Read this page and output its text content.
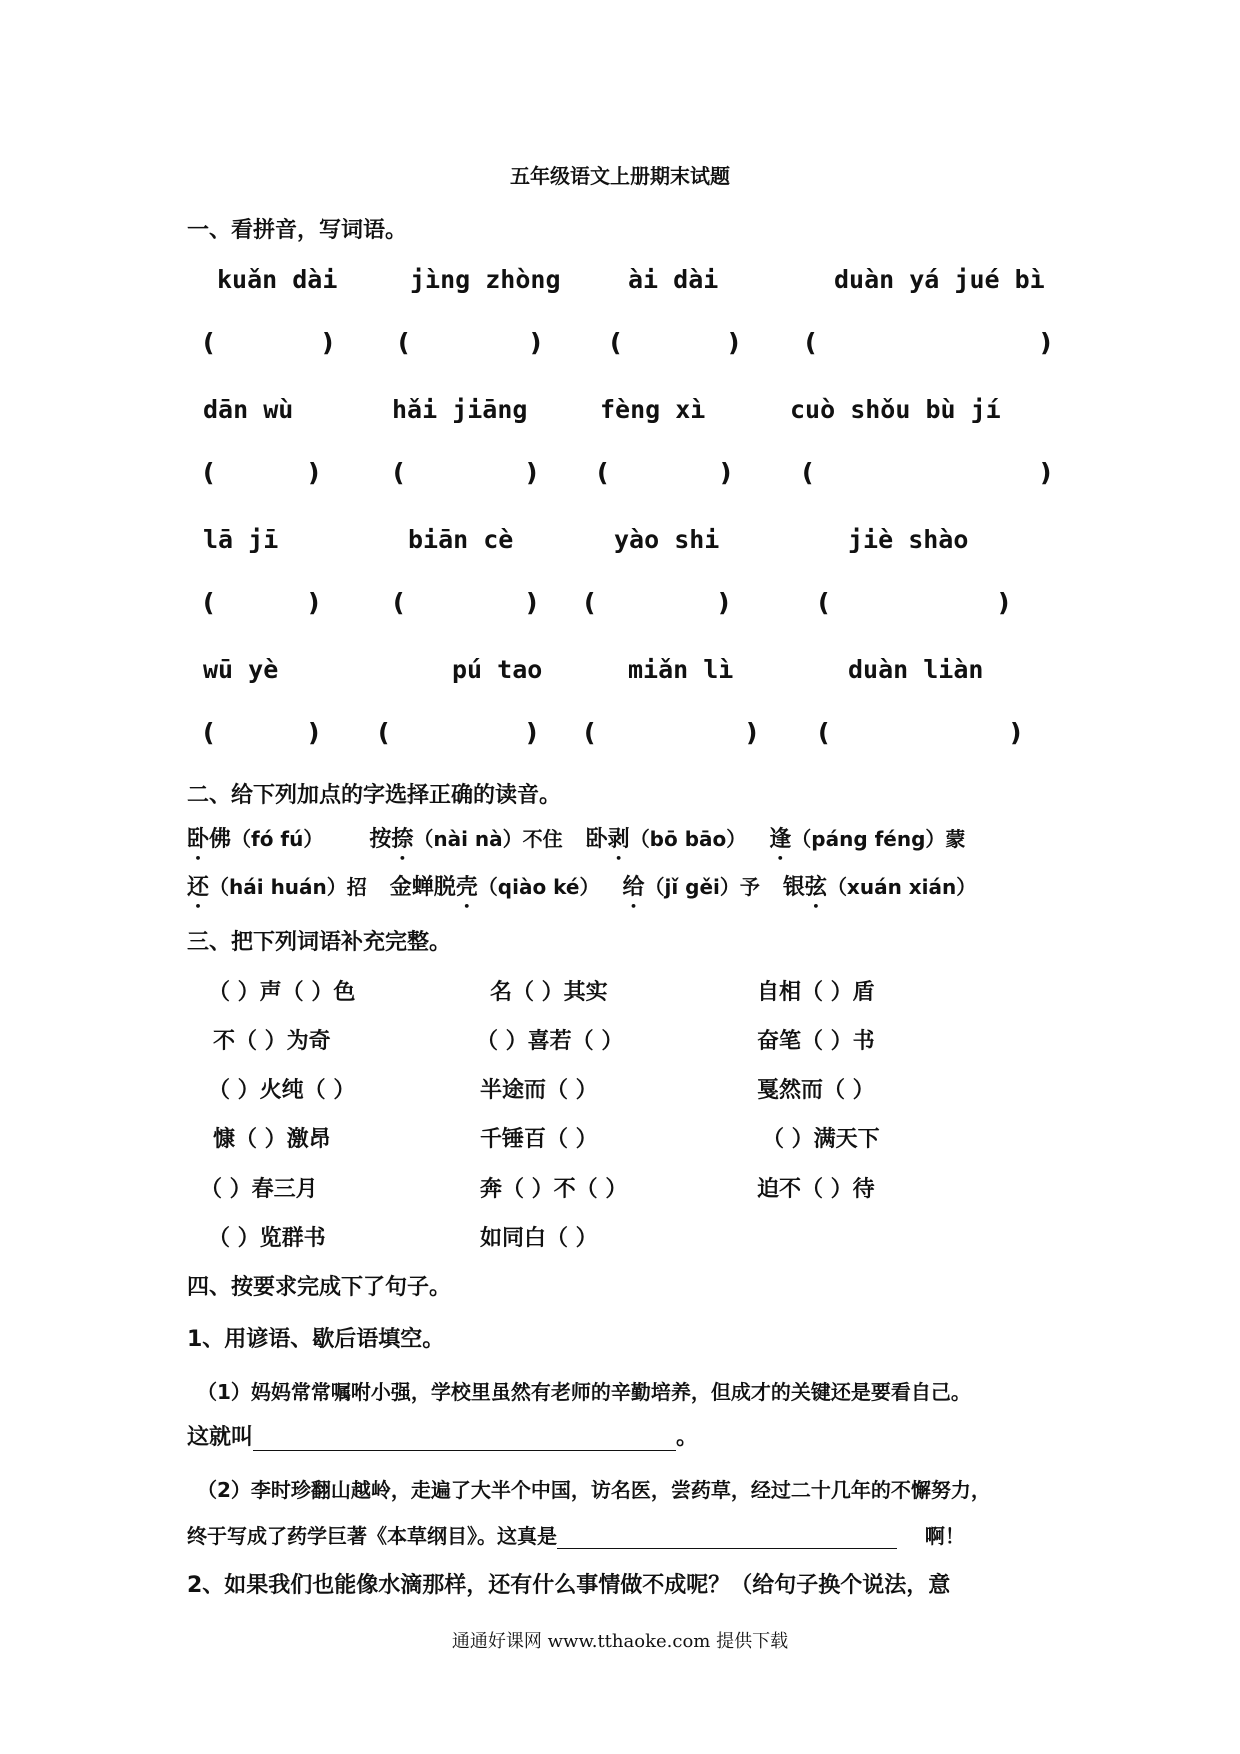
五年级语文上册期末试题
一、看拼音，写词语。
kuǎn dài	jìng zhòng	ài dài	duàn yá jué bì
(	)	(	)	(	)	(	)
dān wù	hǎi jiāng	fèng xì	cuò shǒu bù jí
(	)	(	) (	)	(	)
lā jī	biān cè	yào shi	jiè shào
(	)	(	) (	)	(	)
wū yè	pú tao	miǎn lì	duàn liàn
(	) (	) (	) (	)
二、给下列加点的字选择正确的读音。
卧佛（fó fú） 按捺（nài nà）不住 卧剥（bō bāo） 逢（páng féng）蒙
还（hái huán）招 金蝉脱壳（qiào ké） 给（jǐ gěi）予 银弦（xuán xián）
三、把下列词语补充完整。
（ ）声（ ）色	名（ ）其实	自相（ ）盾
不（ ）为奇	（ ）喜若（ ）	奋笔（ ）书
（ ）火纯（ ）	半途而（ ）	戛然而（ ）
慷（ ）激昂	千锤百（ ）	（ ）满天下
（ ）春三月	奔（ ）不（ ）	迫不（ ）待
（ ）览群书	如同白（ ）
四、按要求完成下了句子。
1、用谚语、歇后语填空。
（1）妈妈常常嘱咐小强，学校里虽然有老师的辛勤培养，但成才的关键还是要看自己。
这就叫	。
（2）李时珍翻山越岭，走遍了大半个中国，访名医，尝药草，经过二十几年的不懈努力，
终于写成了药学巨著《本草纲目》。这真是	啊！
2、如果我们也能像水滴那样，还有什么事情做不成呢？（给句子换个说法，意
通通好课网 www.tthaoke.com 提供下载
